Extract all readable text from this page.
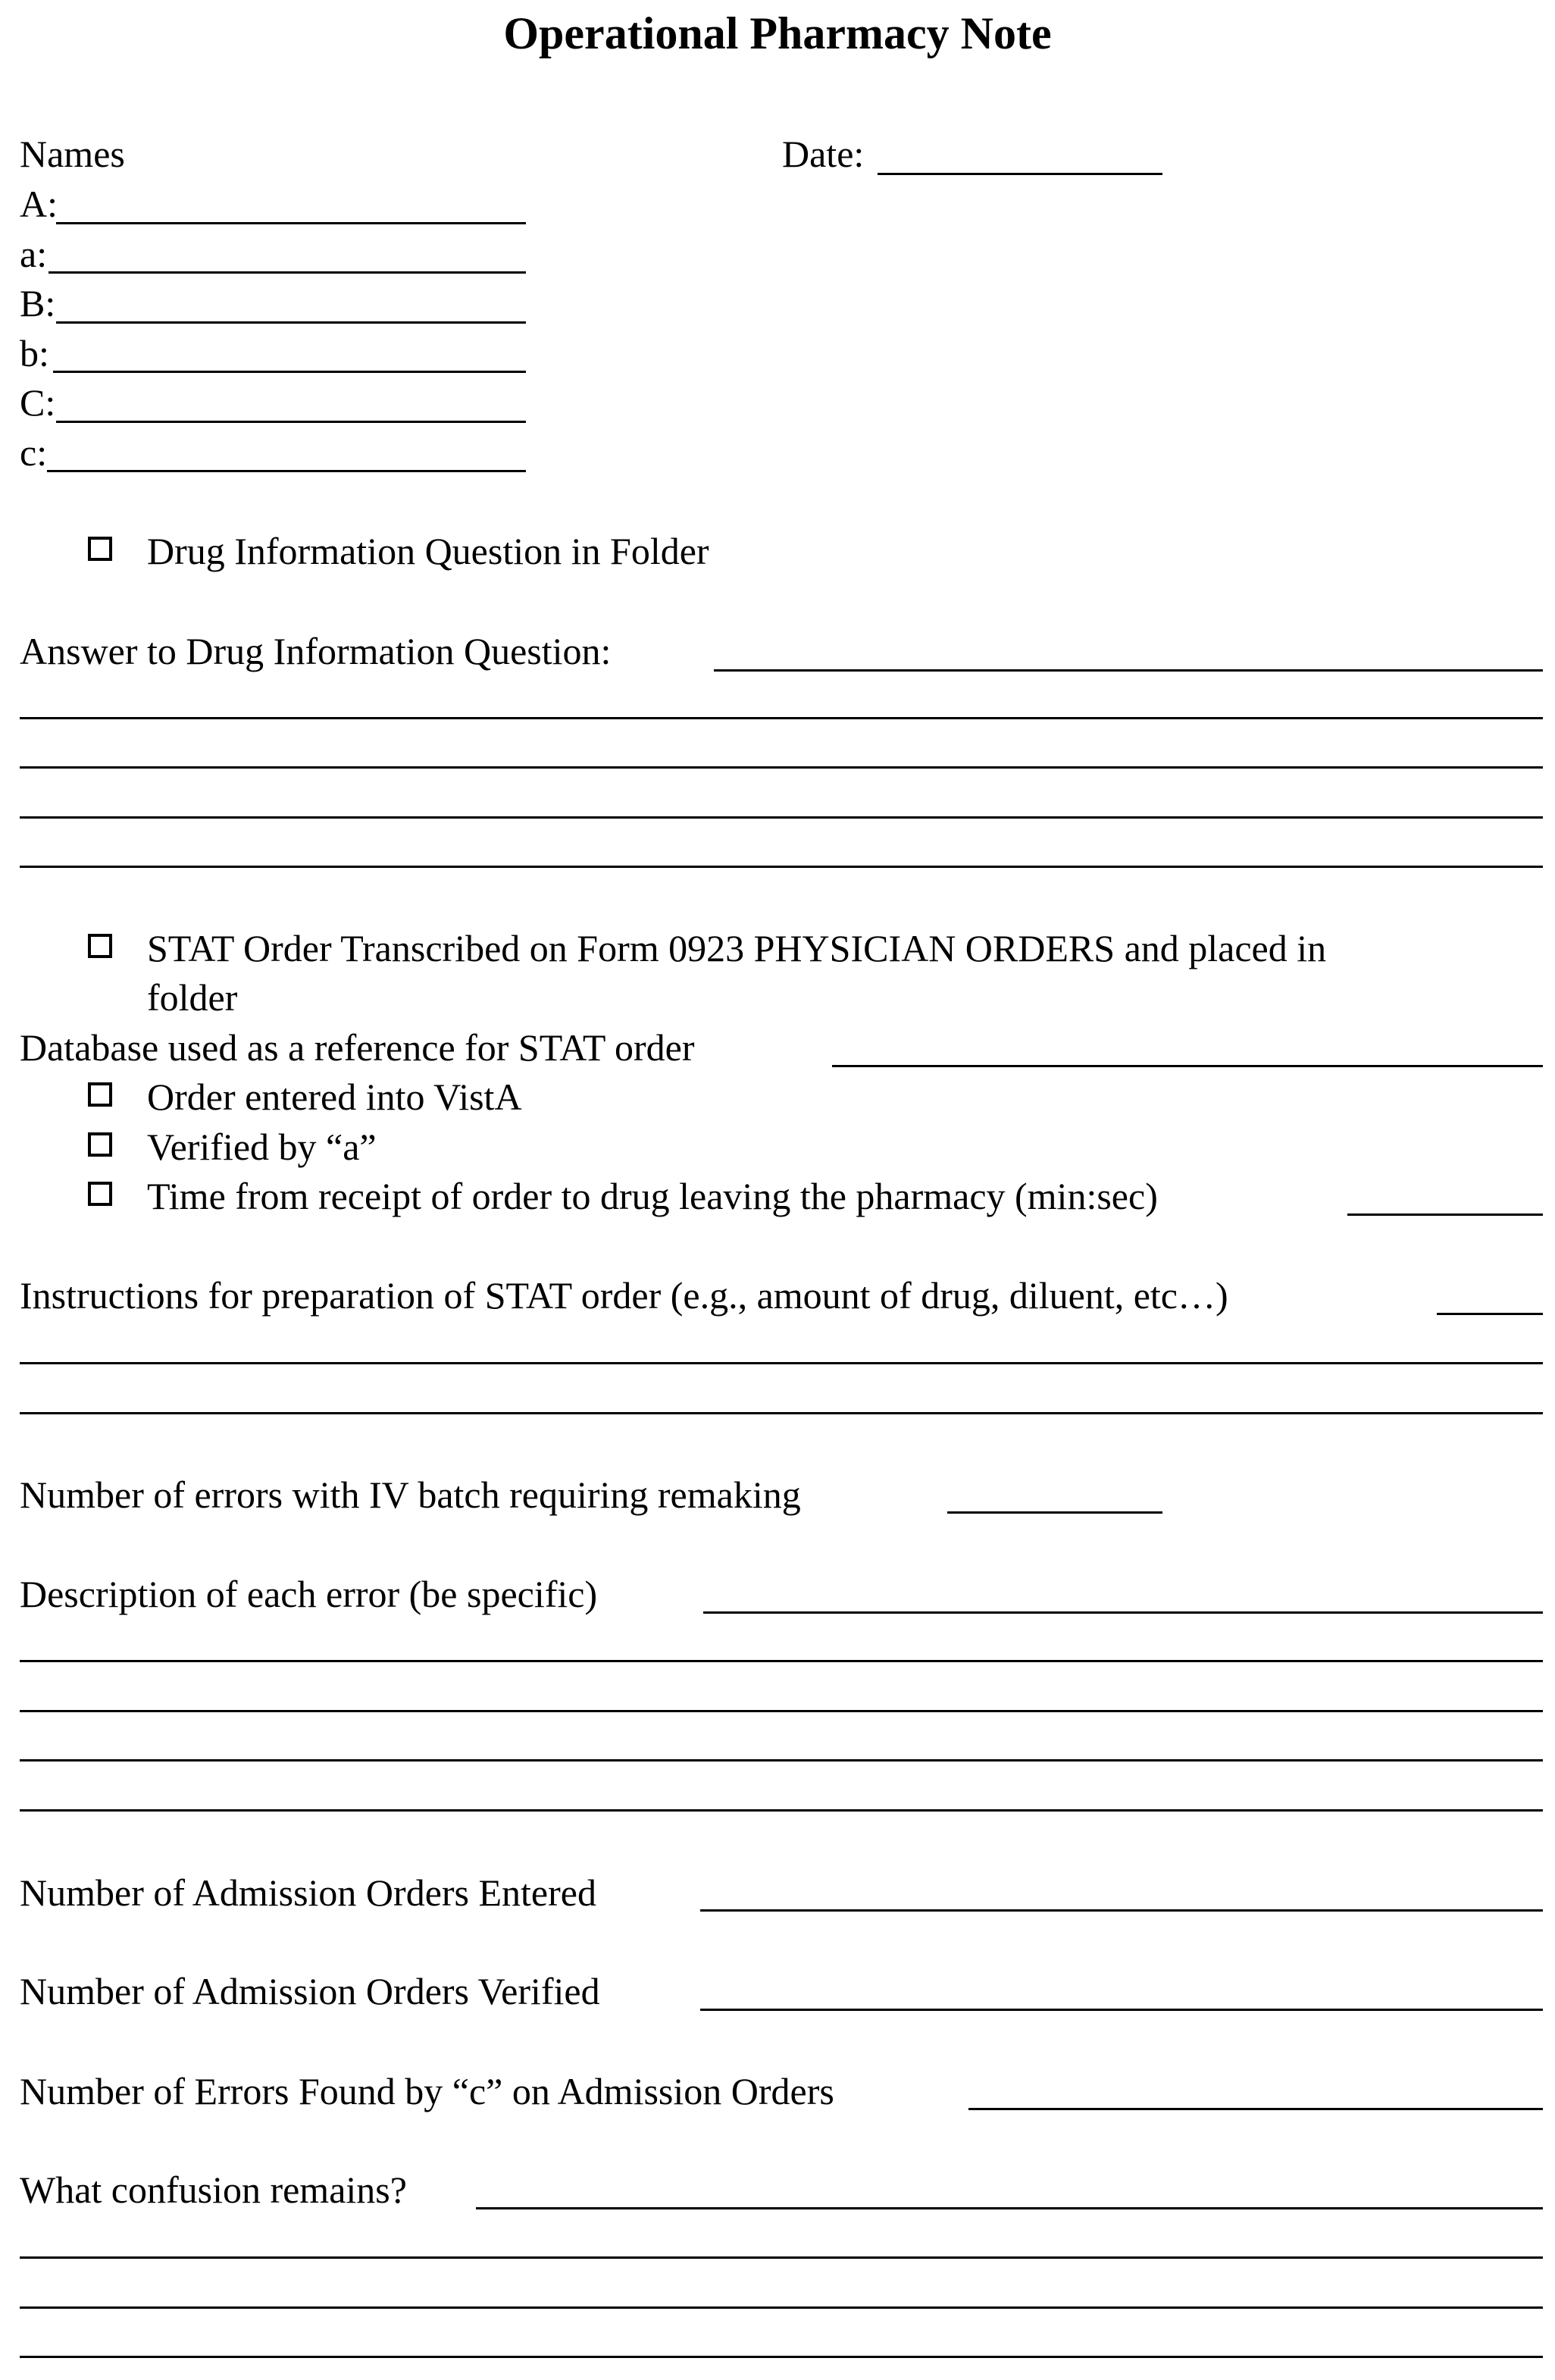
Operational Pharmacy Note
Names	Date:
A:
a:
B:
b:
C:
c:
Drug Information Question in Folder
Answer to Drug Information Question:
STAT Order Transcribed on Form 0923 PHYSICIAN ORDERS and placed in
folder
Database used as a reference for STAT order
Order entered into VistA
Verified by “a”
Time from receipt of order to drug leaving the pharmacy (min:sec)
Instructions for preparation of STAT order (e.g., amount of drug, diluent, etc…)
Number of errors with IV batch requiring remaking
Description of each error (be specific)
Number of Admission Orders Entered
Number of Admission Orders Verified
Number of Errors Found by “c” on Admission Orders
What confusion remains?
